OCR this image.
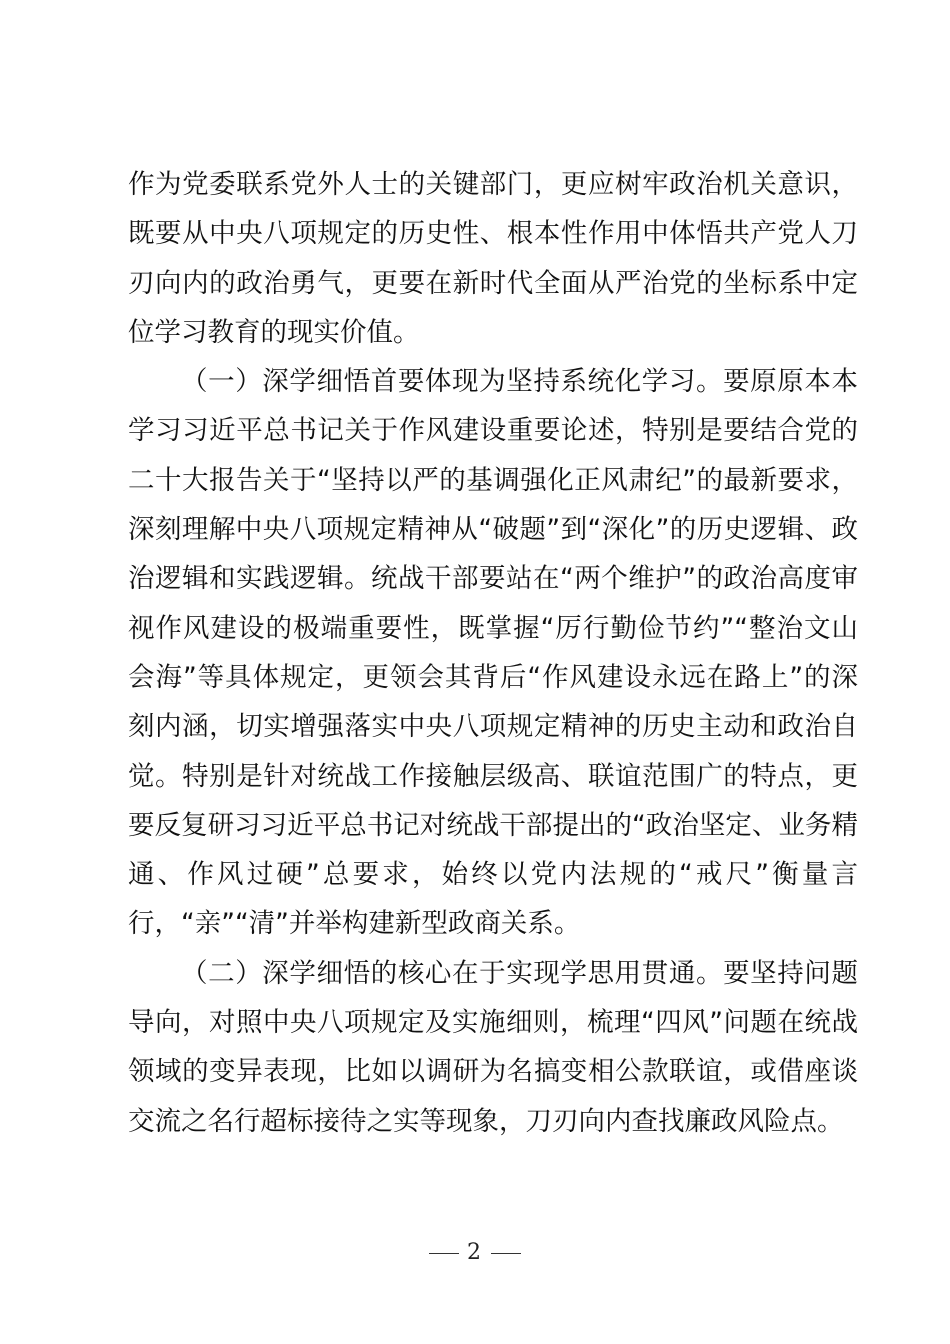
作为党委联系党外人士的关键部门，更应树牢政治机关意识，既要从中央八项规定的历史性、根本性作用中体悟共产党人刀刃向内的政治勇气，更要在新时代全面从严治党的坐标系中定位学习教育的现实价值。

（一）深学细悟首要体现为坚持系统化学习。要原原本本学习习近平总书记关于作风建设重要论述，特别是要结合党的二十大报告关于“坚持以严的基调强化正风肃纪”的最新要求，深刻理解中央八项规定精神从“破题”到“深化”的历史逻辑、政治逻辑和实践逻辑。统战干部要站在“两个维护”的政治高度审视作风建设的极端重要性，既掌握“厉行勤俭节约”“整治文山会海”等具体规定，更领会其背后“作风建设永远在路上”的深刻内涵，切实增强落实中央八项规定精神的历史主动和政治自觉。特别是针对统战工作接触层级高、联谊范围广的特点，更要反复研习习近平总书记对统战干部提出的“政治坚定、业务精通、作风过硬”总要求，始终以党内法规的“戒尺”衡量言行，“亲”“清”并举构建新型政商关系。

（二）深学细悟的核心在于实现学思用贯通。要坚持问题导向，对照中央八项规定及实施细则，梳理“四风”问题在统战领域的变异表现，比如以调研为名搞变相公款联谊，或借座谈交流之名行超标接待之实等现象，刀刃向内查找廉政风险点。

2
